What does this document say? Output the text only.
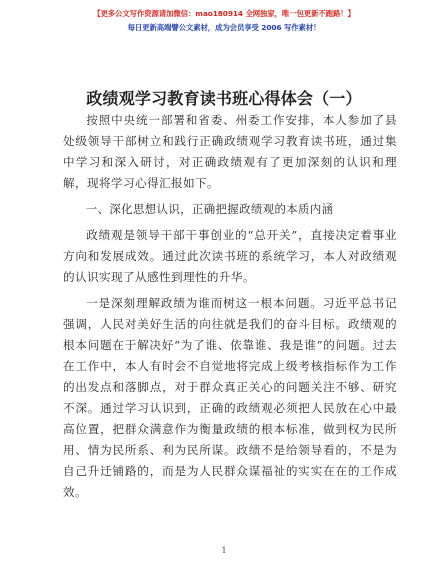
【更多公文写作资源请加微信：mao180914 全网独家，唯一包更新不跑路！】
每日更新高端譬公文素材，成为会员享受 2006 写作素材！
政绩观学习教育读书班心得体会（一）

按照中央统一部署和省委、州委工作安排，本人参加了县处级领导干部树立和践行正确政绩观学习教育读书班，通过集中学习和深入研讨，对正确政绩观有了更加深刻的认识和理解，现将学习心得汇报如下。

一、深化思想认识，正确把握政绩观的本质内涵

政绩观是领导干部干事创业的“总开关”，直接决定着事业方向和发展成效。通过此次读书班的系统学习，本人对政绩观的认识实现了从感性到理性的升华。

一是深刻理解政绩为谁而树这一根本问题。习近平总书记强调，人民对美好生活的向往就是我们的奋斗目标。政绩观的根本问题在于解决好“为了谁、依靠谁、我是谁”的问题。过去在工作中，本人有时会不自觉地将完成上级考核指标作为工作的出发点和落脚点，对于群众真正关心的问题关注不够、研究不深。通过学习认识到，正确的政绩观必须把人民放在心中最高位置，把群众满意作为衡量政绩的根本标准，做到权为民所用、情为民所系、利为民所谋。政绩不是给领导看的，不是为自己升迁铺路的，而是为人民群众谋福祉的实实在在的工作成效。

1
